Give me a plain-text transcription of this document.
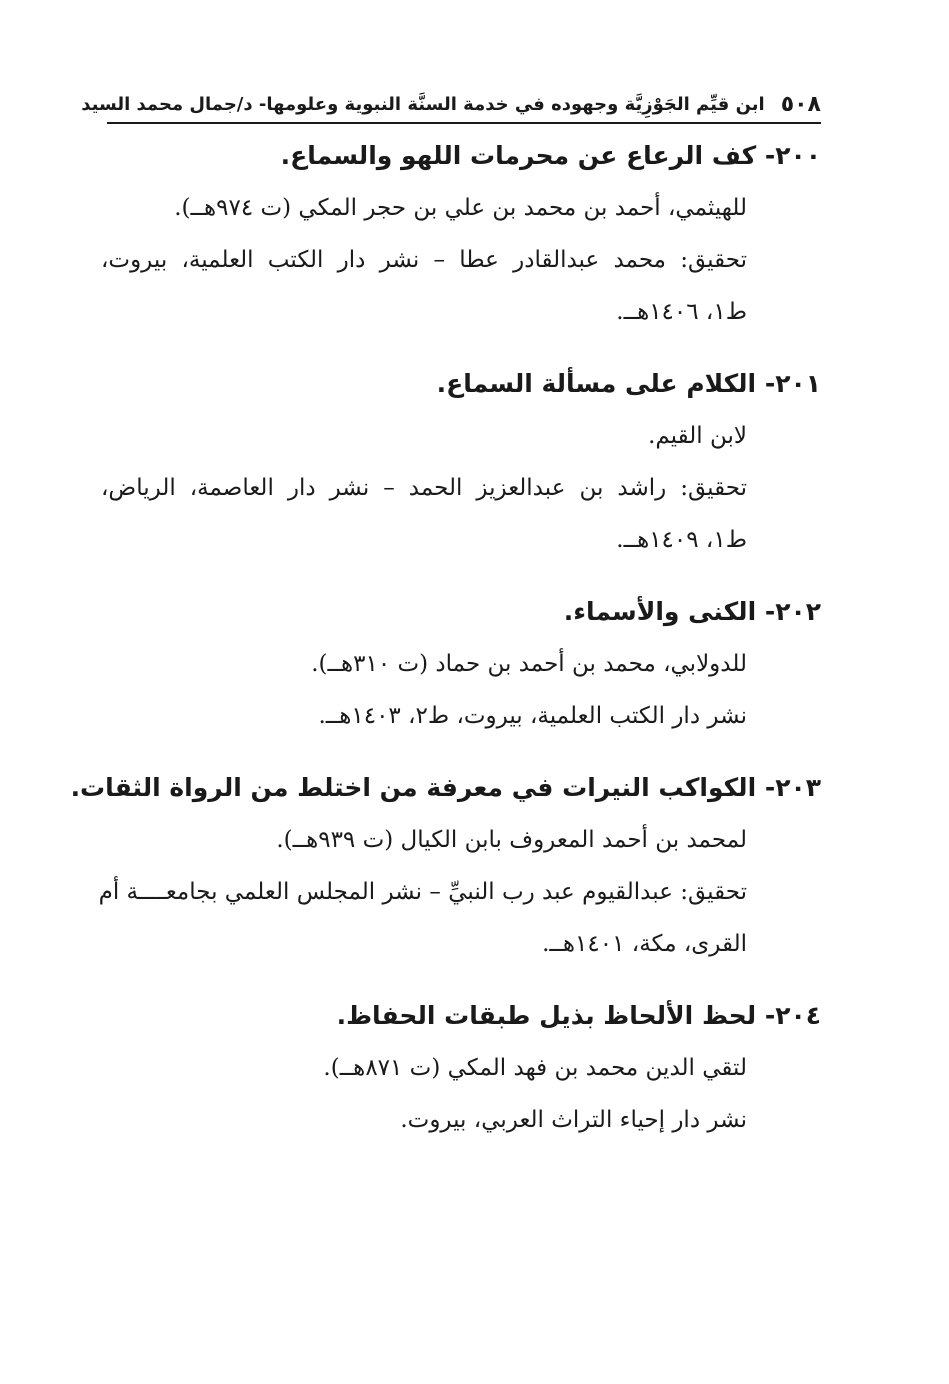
٥٠٨
ابن قيِّم الجَوْزِيَّة وجهوده في خدمة السنَّة النبوية وعلومها- د/جمال محمد السيد
٢٠٠- كف الرعاع عن محرمات اللهو والسماع.
للهيثمي، أحمد بن محمد بن علي بن حجر المكي (ت ٩٧٤هــ).
تحقيق: محمد عبدالقادر عطا – نشر دار الكتب العلمية، بيروت،
ط١، ١٤٠٦هــ.
٢٠١- الكلام على مسألة السماع.
لابن القيم.
تحقيق: راشد بن عبدالعزيز الحمد – نشر دار العاصمة، الرياض،
ط١، ١٤٠٩هــ.
٢٠٢- الكنى والأسماء.
للدولابي، محمد بن أحمد بن حماد (ت ٣١٠هــ).
نشر دار الكتب العلمية، بيروت، ط٢، ١٤٠٣هــ.
٢٠٣- الكواكب النيرات في معرفة من اختلط من الرواة الثقات.
لمحمد بن أحمد المعروف بابن الكيال (ت ٩٣٩هــ).
تحقيق: عبدالقيوم عبد رب النبيِّ – نشر المجلس العلمي بجامعــــة أم
القرى، مكة، ١٤٠١هــ.
٢٠٤- لحظ الألحاظ بذيل طبقات الحفاظ.
لتقي الدين محمد بن فهد المكي (ت ٨٧١هــ).
نشر دار إحياء التراث العربي، بيروت.
